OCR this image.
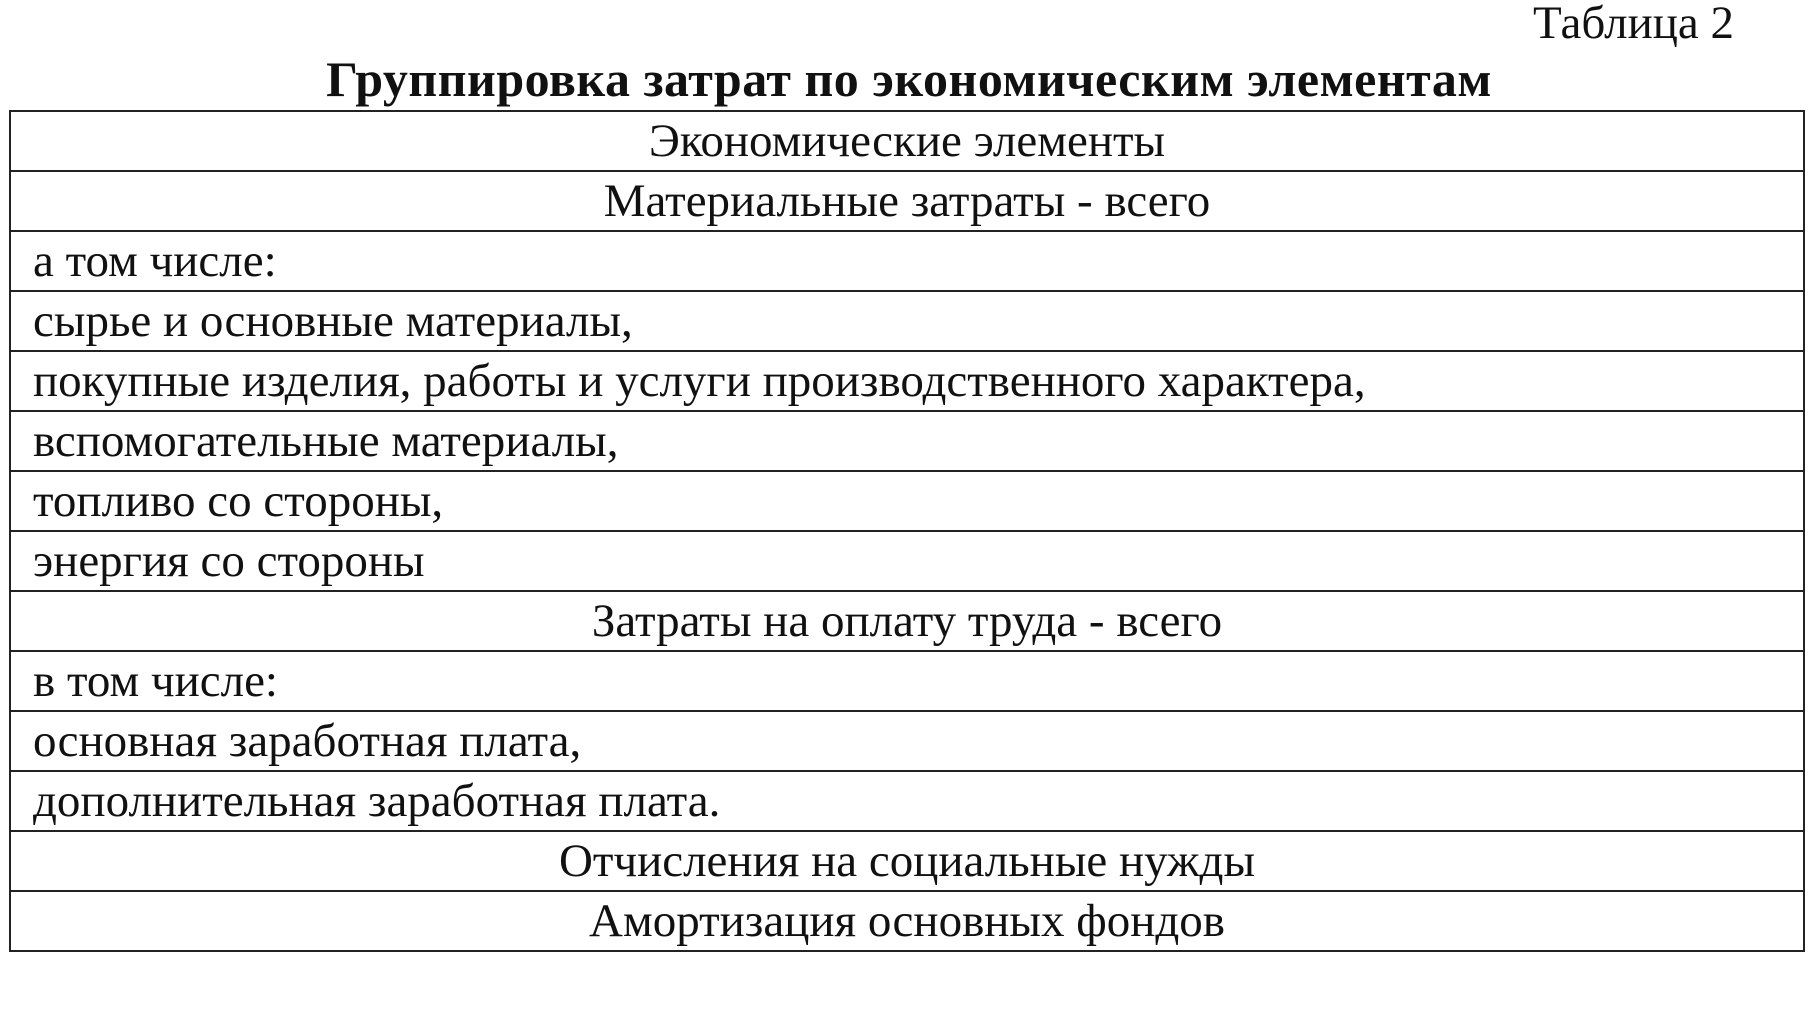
Таблица 2
Группировка затрат по экономическим элементам
Экономические элементы
Материальные затраты - всего
а том числе:
сырье и основные материалы,
покупные изделия, работы и услуги производственного характера,
вспомогательные материалы,
топливо со стороны,
энергия со стороны
Затраты на оплату труда - всего
в том числе:
основная заработная плата,
дополнительная заработная плата.
Отчисления на социальные нужды
Амортизация основных фондов
